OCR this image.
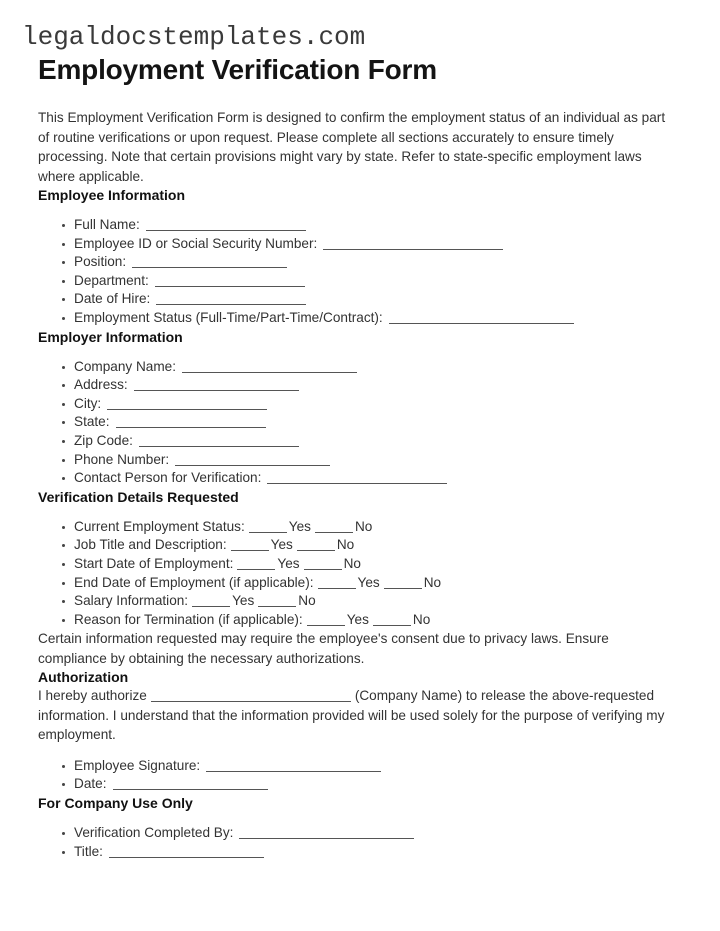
legaldocstemplates.com
Employment Verification Form

This Employment Verification Form is designed to confirm the employment status of an individual as part of routine verifications or upon request. Please complete all sections accurately to ensure timely processing. Note that certain provisions might vary by state. Refer to state-specific employment laws where applicable.

Employee Information
Full Name:
Employee ID or Social Security Number:
Position:
Department:
Date of Hire:
Employment Status (Full-Time/Part-Time/Contract):
Employer Information
Company Name:
Address:
City:
State:
Zip Code:
Phone Number:
Contact Person for Verification:
Verification Details Requested
Current Employment Status:	Yes	No
Job Title and Description:	Yes	No
Start Date of Employment:	Yes	No
End Date of Employment (if applicable):	Yes	No
Salary Information:	Yes	No
Reason for Termination (if applicable):	Yes	No

Certain information requested may require the employee's consent due to privacy laws. Ensure compliance by obtaining the necessary authorizations.

Authorization

I hereby authorize	(Company Name) to release the above-requested information. I understand that the information provided will be used solely for the purpose of verifying my employment.

Employee Signature:
Date:
For Company Use Only
Verification Completed By:
Title:
